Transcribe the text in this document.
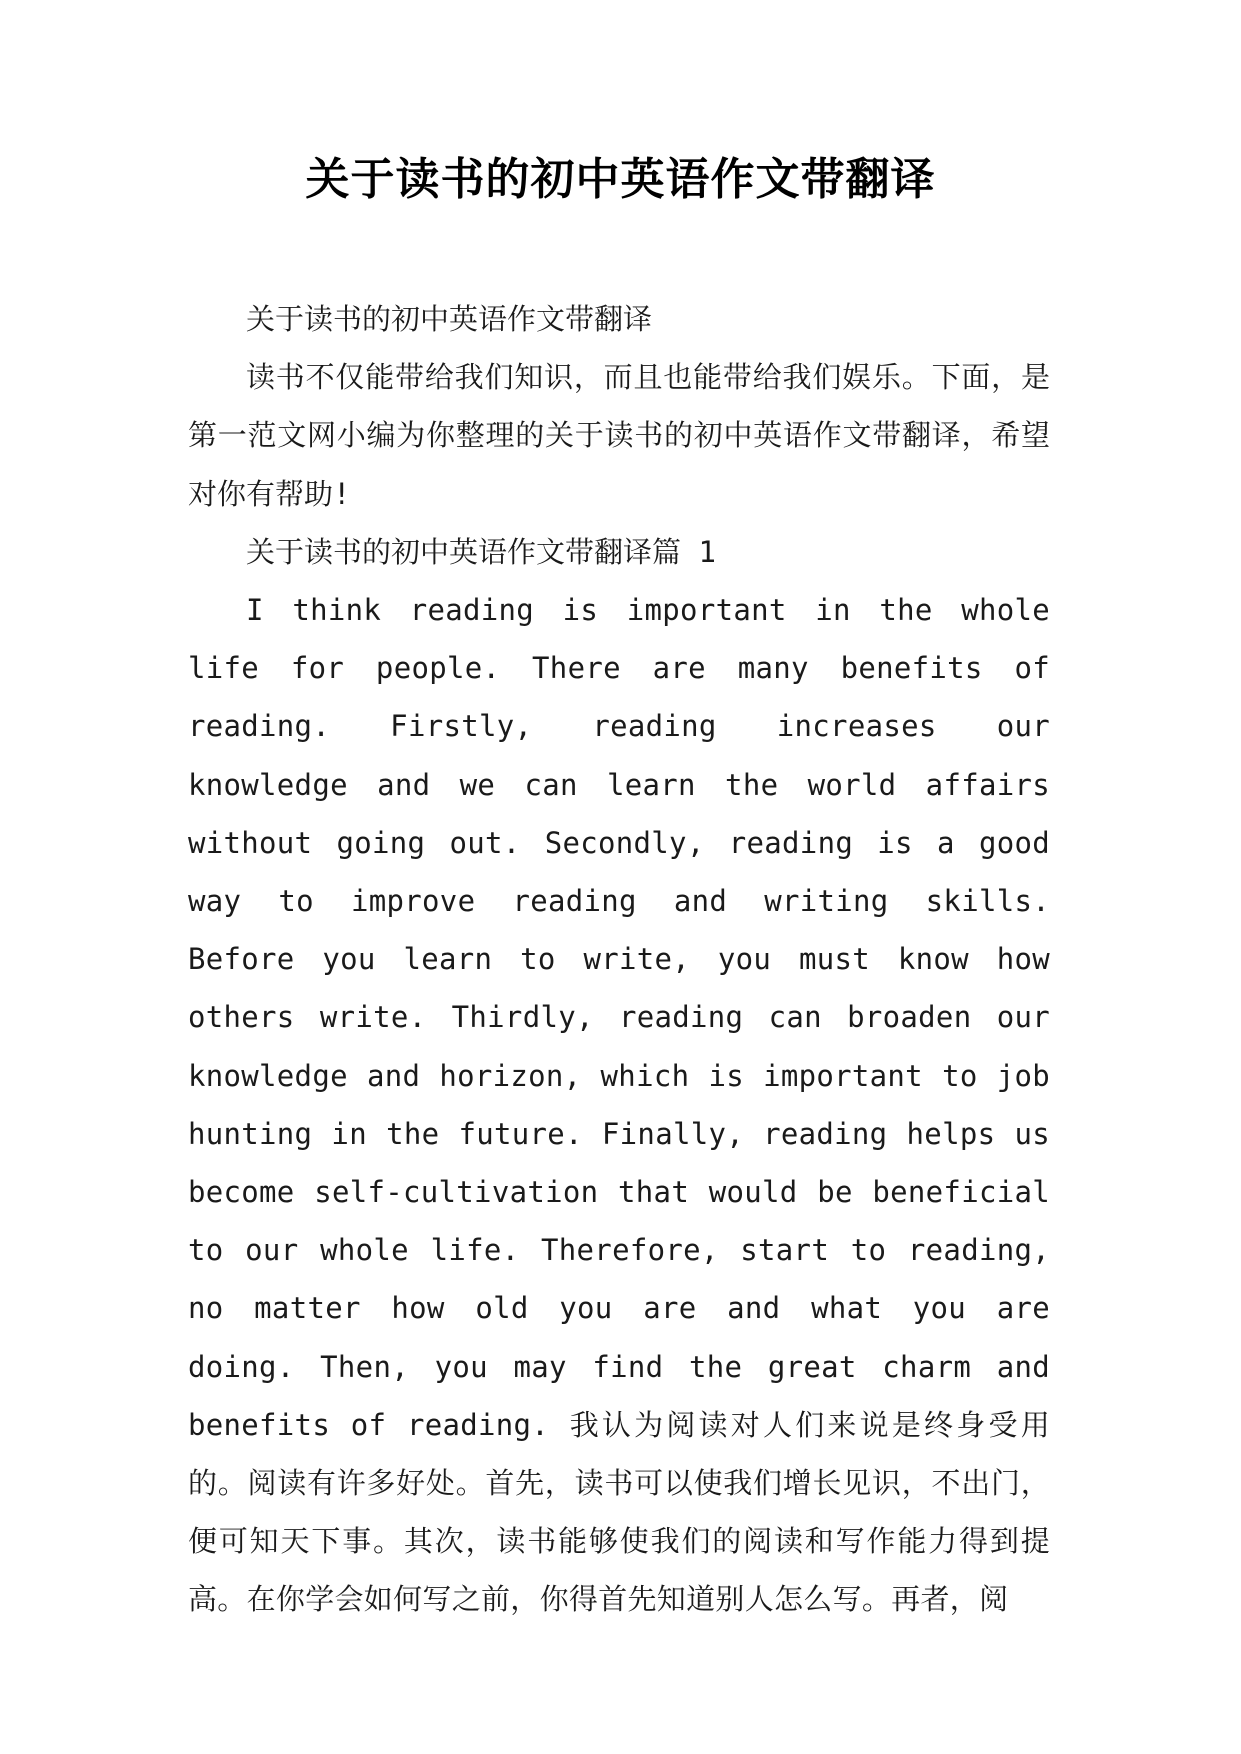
关于读书的初中英语作文带翻译

关于读书的初中英语作文带翻译

读书不仅能带给我们知识，而且也能带给我们娱乐。下面，是第一范文网小编为你整理的关于读书的初中英语作文带翻译，希望对你有帮助!

关于读书的初中英语作文带翻译篇 1

I think reading is important in the whole life for people. There are many benefits of reading. Firstly, reading increases our knowledge and we can learn the world affairs without going out. Secondly, reading is a good way to improve reading and writing skills. Before you learn to write, you must know how others write. Thirdly, reading can broaden our knowledge and horizon, which is important to job hunting in the future. Finally, reading helps us become self-cultivation that would be beneficial to our whole life. Therefore, start to reading, no matter how old you are and what you are doing. Then, you may find the great charm and benefits of reading. 我认为阅读对人们来说是终身受用的。阅读有许多好处。首先，读书可以使我们增长见识，不出门，便可知天下事。其次，读书能够使我们的阅读和写作能力得到提高。在你学会如何写之前，你得首先知道别人怎么写。再者，阅
